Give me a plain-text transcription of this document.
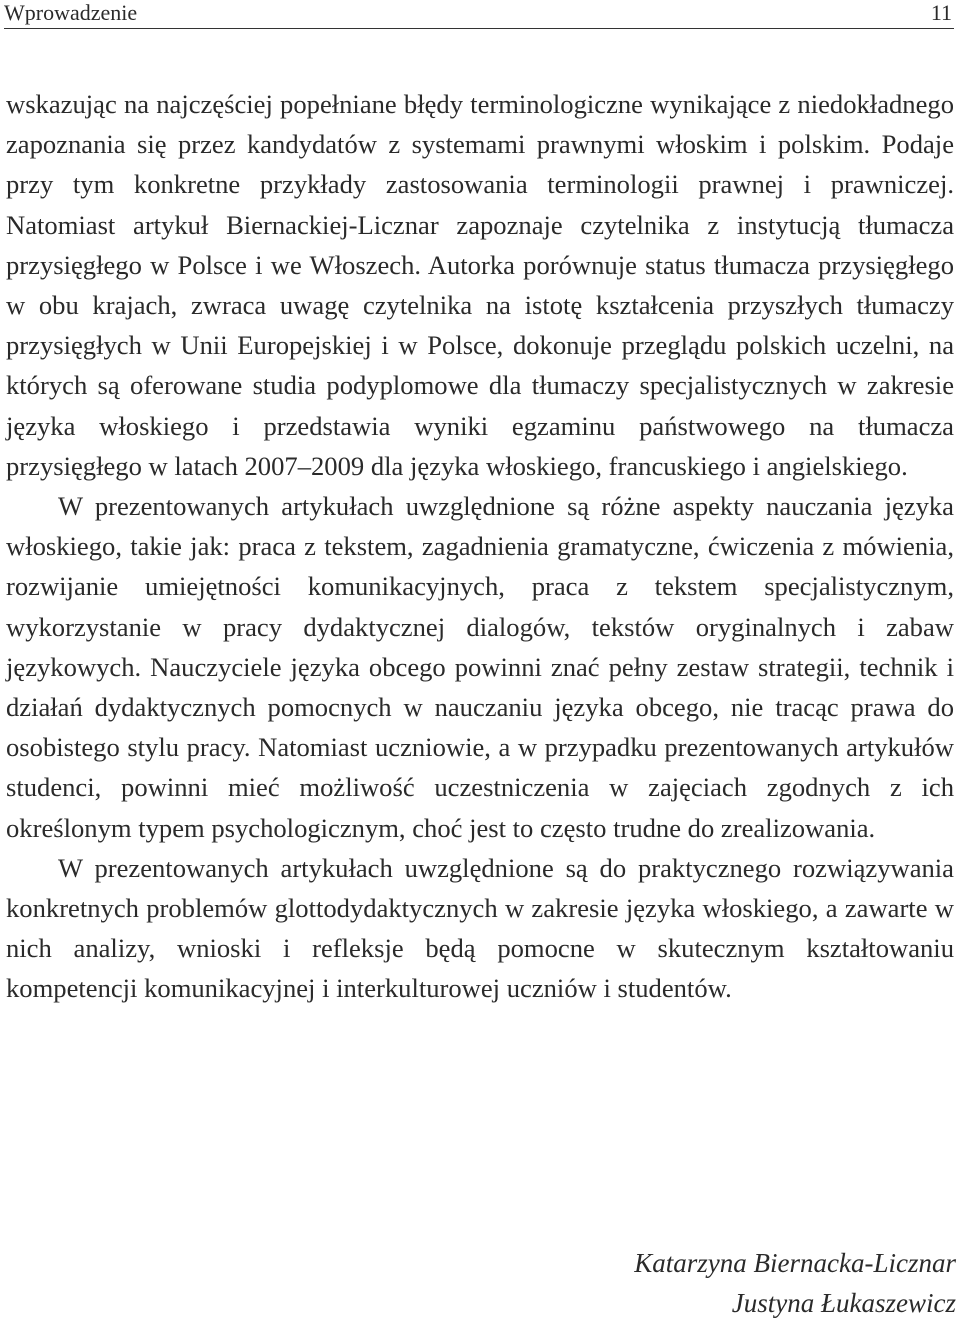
Wprowadzenie	11

wskazując na najczęściej popełniane błędy terminologiczne wynikające z niedokładnego zapoznania się przez kandydatów z systemami prawnymi włoskim i polskim. Podaje przy tym konkretne przykłady zastosowania terminologii prawnej i prawniczej. Natomiast artykuł Biernackiej-Licznar zapoznaje czytelnika z instytucją tłumacza przysięgłego w Polsce i we Włoszech. Autorka porównuje status tłumacza przysięgłego w obu krajach, zwraca uwagę czytelnika na istotę kształcenia przyszłych tłumaczy przysięgłych w Unii Europejskiej i w Polsce, dokonuje przeglądu polskich uczelni, na których są oferowane studia podyplomowe dla tłumaczy specjalistycznych w zakresie języka włoskiego i przedstawia wyniki egzaminu państwowego na tłumacza przysięgłego w latach 2007–2009 dla języka włoskiego, francuskiego i angielskiego.

W prezentowanych artykułach uwzględnione są różne aspekty nauczania języka włoskiego, takie jak: praca z tekstem, zagadnienia gramatyczne, ćwiczenia z mówienia, rozwijanie umiejętności komunikacyjnych, praca z tekstem specjalistycznym, wykorzystanie w pracy dydaktycznej dialogów, tekstów oryginalnych i zabaw językowych. Nauczyciele języka obcego powinni znać pełny zestaw strategii, technik i działań dydaktycznych pomocnych w nauczaniu języka obcego, nie tracąc prawa do osobistego stylu pracy. Natomiast uczniowie, a w przypadku prezentowanych artykułów studenci, powinni mieć możliwość uczestniczenia w zajęciach zgodnych z ich określonym typem psychologicznym, choć jest to często trudne do zrealizowania.

W prezentowanych artykułach uwzględnione są do praktycznego rozwiązywania konkretnych problemów glottodydaktycznych w zakresie języka włoskiego, a zawarte w nich analizy, wnioski i refleksje będą pomocne w skutecznym kształtowaniu kompetencji komunikacyjnej i interkulturowej uczniów i studentów.

Katarzyna Biernacka-Licznar
Justyna Łukaszewicz
